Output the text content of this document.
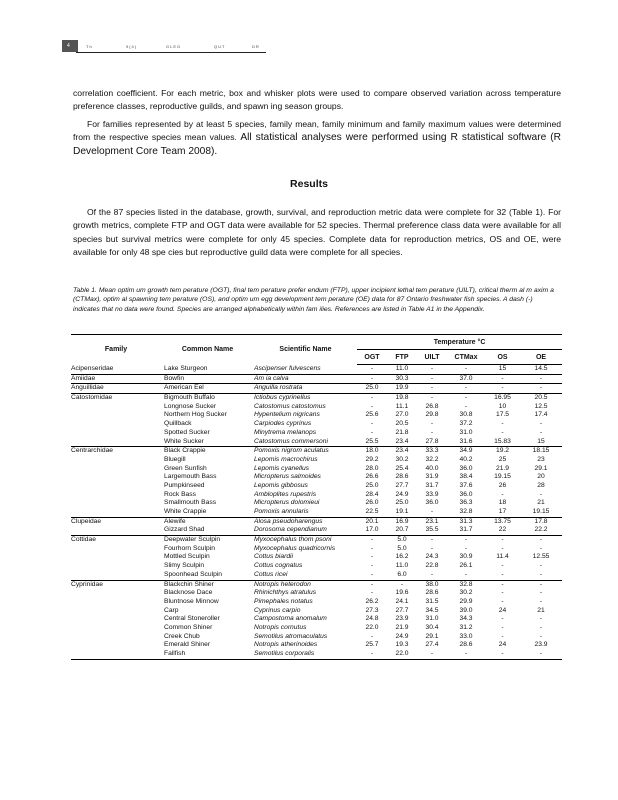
4	Th	9(4)	GLEG	QUT	DR
correlation coefficient. For each metric, box and whisker plots were used to compare observed variation across temperature preference classes, reproductive guilds, and spawn ing season groups.
For families represented by at least 5 species, family mean, family minimum and family maximum values were determined from the respective species mean values. All statistical analyses were performed using R statistical software (R Development Core Team 2008).
Results
Of the 87 species listed in the database, growth, survival, and reproduction metric data were complete for 32 (Table 1). For growth metrics, complete FTP and OGT data were available for 52 species. Thermal preference class data were available for all species but survival metrics were complete for only 45 species. Complete data for reproduction metrics, OS and OE, were available for only 48 spe cies but reproductive guild data were complete for all species.
Table 1. Mean optim um growth tem perature (OGT), final tem perature prefer endum (FTP), upper incipient lethal tem perature (UILT), critical therm al m axim a (CTMax), optim al spawning tem perature (OS), and optim um egg development tem perature (OE) data for 87 Ontario freshwater fish species. A dash (-) indicates that no data were found. Species are arranged alphabetically within fam ilies. References are listed in Table A1 in the Appendix.
Family	Common Name	Scientific Name	Temperature °C					
			OGT	FTP	UILT	CTMax	OS	OE
Acipenseridae	Lake Sturgeon	Ascipenser fulvescens	-	11.0	-	-	15	14.5
Amiidae	Bowfin	Am ia calva	-	30.3	-	37.0	-	-
Anguillidae	American Eel	Anguilla rostrata	25.0	19.9	-	-	-	-
Catostomidae	Bigmouth Buffalo	Ictiobus cyprinellus	-	19.8	-	-	16.95	20.5
	Longnose Sucker	Catostomus catostomus	-	11.1	26.8	-	10	12.5
	Northern Hog Sucker	Hypentelium nigricans	25.6	27.0	29.8	30.8	17.5	17.4
	Quillback	Carpiodes cyprinus	-	20.5	-	37.2	-	-
	Spotted Sucker	Minytrema melanops	-	21.8	-	31.0	-	-
	White Sucker	Catostomus commersoni	25.5	23.4	27.8	31.6	15.83	15
Centrarchidae	Black Crappie	Pomoxis nigrom aculatus	18.0	23.4	33.3	34.9	19.2	18.15
	Bluegill	Lepomis macrochirus	29.2	30.2	32.2	40.2	25	23
	Green Sunfish	Lepomis cyanellus	28.0	25.4	40.0	36.0	21.9	29.1
	Largemouth Bass	Micropterus salmoides	26.6	28.6	31.9	38.4	19.15	20
	Pumpkinseed	Lepomis gibbosus	25.0	27.7	31.7	37.6	26	28
	Rock Bass	Ambloplites rupestris	28.4	24.9	33.9	36.0	-	-
	Smallmouth Bass	Micropterus dolomieui	26.0	25.0	36.0	36.3	18	21
	White Crappie	Pomoxis annularis	22.5	19.1	-	32.8	17	19.15
Clupeidae	Alewife	Alosa pseudoharengus	20.1	16.9	23.1	31.3	13.75	17.8
	Gizzard Shad	Dorosoma cependianum	17.0	20.7	35.5	31.7	22	22.2
Cottidae	Deepwater Sculpin	Myxocephalus thom psoni	-	5.0	-	-	-	-
	Fourhorn Sculpin	Myxocephalus quadricornis	-	5.0	-	-	-	-
	Mottled Sculpin	Cottus biardii	-	16.2	24.3	30.9	11.4	12.55
	Slimy Sculpin	Cottus cognatus	-	11.0	22.8	26.1	-	-
	Spoonhead Sculpin	Cottus ricei	-	6.0	-	-	-	-
Cyprinidae	Blackchin Shiner	Notropis heterodon	-	-	38.0	32.8	-	-
	Blacknose Dace	Rhinichthys atratulus	-	19.6	28.6	30.2	-	-
	Bluntnose Minnow	Pimephales notatus	26.2	24.1	31.5	29.9	-	-
	Carp	Cyprinus carpio	27.3	27.7	34.5	39.0	24	21
	Central Stoneroller	Campostoma anomalum	24.8	23.9	31.0	34.3	-	-
	Common Shiner	Notropis cornutus	22.0	21.9	30.4	31.2	-	-
	Creek Chub	Semotilus atromaculatus	-	24.9	29.1	33.0	-	-
	Emerald Shiner	Notropis atherinoides	25.7	19.3	27.4	28.6	24	23.9
	Fallfish	Semotilus corporalis	-	22.0	-	-	-	-
